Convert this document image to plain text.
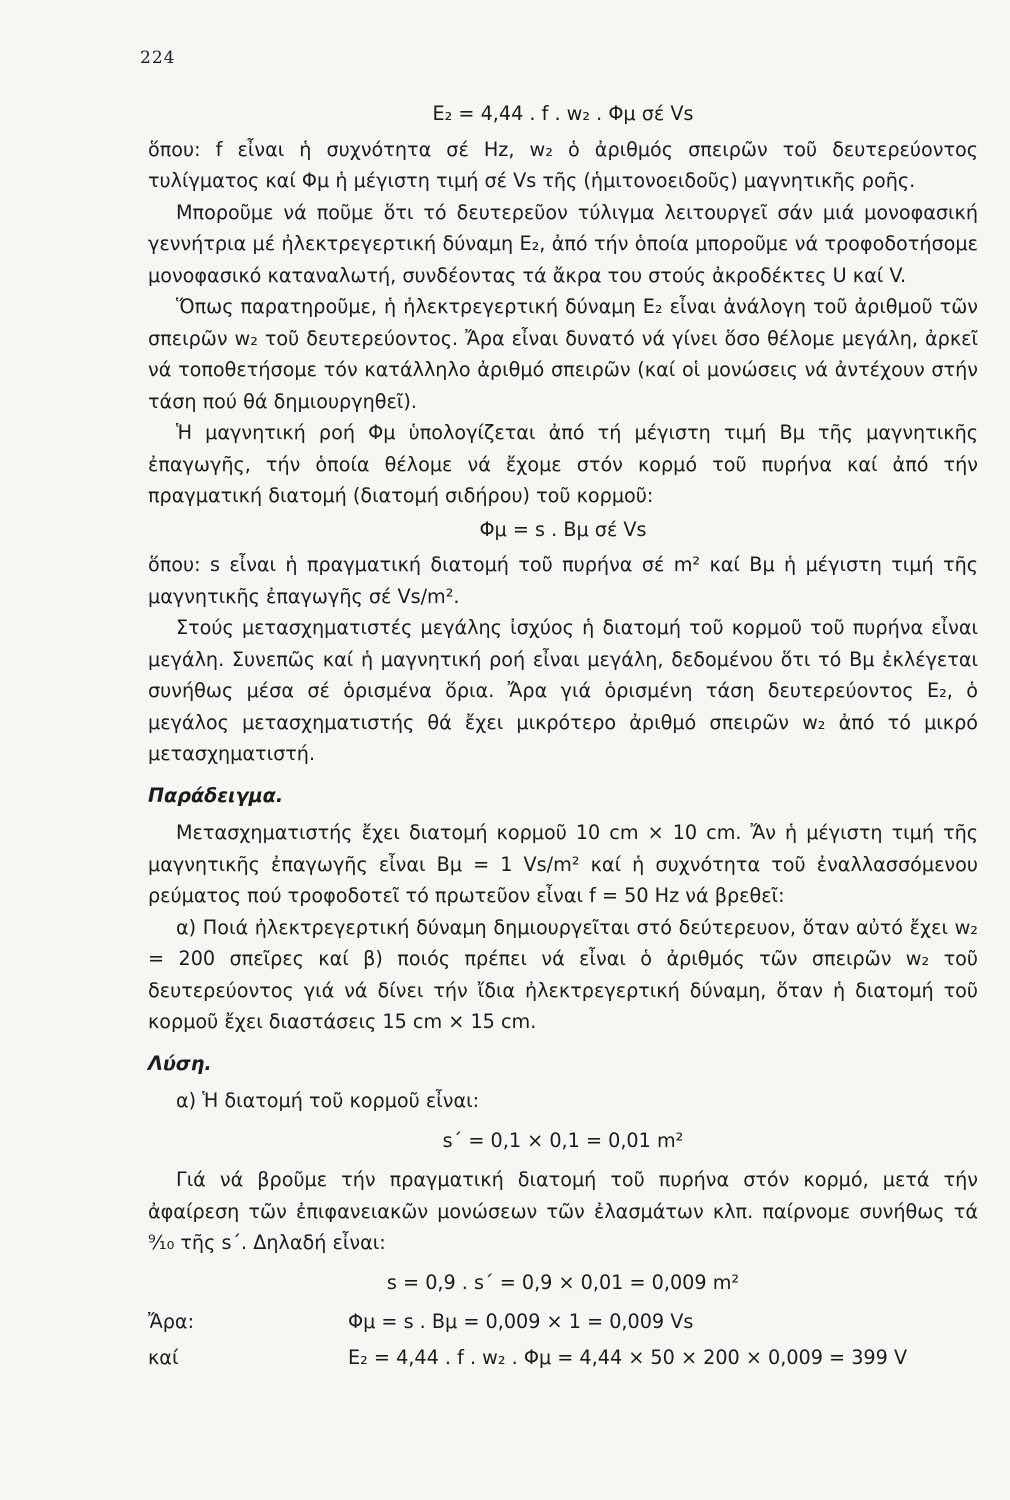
224
E₂ = 4,44 . f . w₂ . Φμ σέ Vs

ὅπου: f εἶναι ἡ συχνότητα σέ Hz, w₂ ὁ ἀριθμός σπειρῶν τοῦ δευτερεύοντος τυλίγματος καί Φμ ἡ μέγιστη τιμή σέ Vs τῆς (ἡμιτονοειδοῦς) μαγνητικῆς ροῆς.

Μποροῦμε νά ποῦμε ὅτι τό δευτερεῦον τύλιγμα λειτουργεῖ σάν μιά μονοφασική γεννήτρια μέ ἠλεκτρεγερτική δύναμη E₂, ἀπό τήν ὁποία μποροῦμε νά τροφοδοτήσομε μονοφασικό καταναλωτή, συνδέοντας τά ἄκρα του στούς ἀκροδέκτες U καί V.

Ὅπως παρατηροῦμε, ἡ ἠλεκτρεγερτική δύναμη E₂ εἶναι ἀνάλογη τοῦ ἀριθμοῦ τῶν σπειρῶν w₂ τοῦ δευτερεύοντος. Ἄρα εἶναι δυνατό νά γίνει ὅσο θέλομε μεγάλη, ἀρκεῖ νά τοποθετήσομε τόν κατάλληλο ἀριθμό σπειρῶν (καί οἱ μονώσεις νά ἀντέχουν στήν τάση πού θά δημιουργηθεῖ).

Ἡ μαγνητική ροή Φμ ὑπολογίζεται ἀπό τή μέγιστη τιμή Bμ τῆς μαγνητικῆς ἐπαγωγῆς, τήν ὁποία θέλομε νά ἔχομε στόν κορμό τοῦ πυρήνα καί ἀπό τήν πραγματική διατομή (διατομή σιδήρου) τοῦ κορμοῦ:

Φμ = s . Bμ σέ Vs

ὅπου: s εἶναι ἡ πραγματική διατομή τοῦ πυρήνα σέ m² καί Bμ ἡ μέγιστη τιμή τῆς μαγνητικῆς ἐπαγωγῆς σέ Vs/m².

Στούς μετασχηματιστές μεγάλης ἰσχύος ἡ διατομή τοῦ κορμοῦ τοῦ πυρήνα εἶναι μεγάλη. Συνεπῶς καί ἡ μαγνητική ροή εἶναι μεγάλη, δεδομένου ὅτι τό Bμ ἐκλέγεται συνήθως μέσα σέ ὁρισμένα ὅρια. Ἄρα γιά ὁρισμένη τάση δευτερεύοντος E₂, ὁ μεγάλος μετασχηματιστής θά ἔχει μικρότερο ἀριθμό σπειρῶν w₂ ἀπό τό μικρό μετασχηματιστή.

Παράδειγμα.

Μετασχηματιστής ἔχει διατομή κορμοῦ 10 cm × 10 cm. Ἄν ἡ μέγιστη τιμή τῆς μαγνητικῆς ἐπαγωγῆς εἶναι Bμ = 1 Vs/m² καί ἡ συχνότητα τοῦ ἐναλλασσόμενου ρεύματος πού τροφοδοτεῖ τό πρωτεῦον εἶναι f = 50 Hz νά βρεθεῖ:

α) Ποιά ἠλεκτρεγερτική δύναμη δημιουργεῖται στό δεύτερευον, ὅταν αὐτό ἔχει w₂ = 200 σπεῖρες καί β) ποιός πρέπει νά εἶναι ὁ ἀριθμός τῶν σπειρῶν w₂ τοῦ δευτερεύοντος γιά νά δίνει τήν ἴδια ἠλεκτρεγερτική δύναμη, ὅταν ἡ διατομή τοῦ κορμοῦ ἔχει διαστάσεις 15 cm × 15 cm.

Λύση.

α) Ἡ διατομή τοῦ κορμοῦ εἶναι:

s΄ = 0,1 × 0,1 = 0,01 m²

Γιά νά βροῦμε τήν πραγματική διατομή τοῦ πυρήνα στόν κορμό, μετά τήν ἀφαίρεση τῶν ἐπιφανειακῶν μονώσεων τῶν ἐλασμάτων κλπ. παίρνομε συνήθως τά ⁹⁄₁₀ τῆς s΄. Δηλαδή εἶναι:

s = 0,9 . s΄ = 0,9 × 0,01 = 0,009 m²
Ἄρα:	Φμ = s . Bμ = 0,009 × 1 = 0,009 Vs
καί	E₂ = 4,44 . f . w₂ . Φμ = 4,44 × 50 × 200 × 0,009 = 399 V
